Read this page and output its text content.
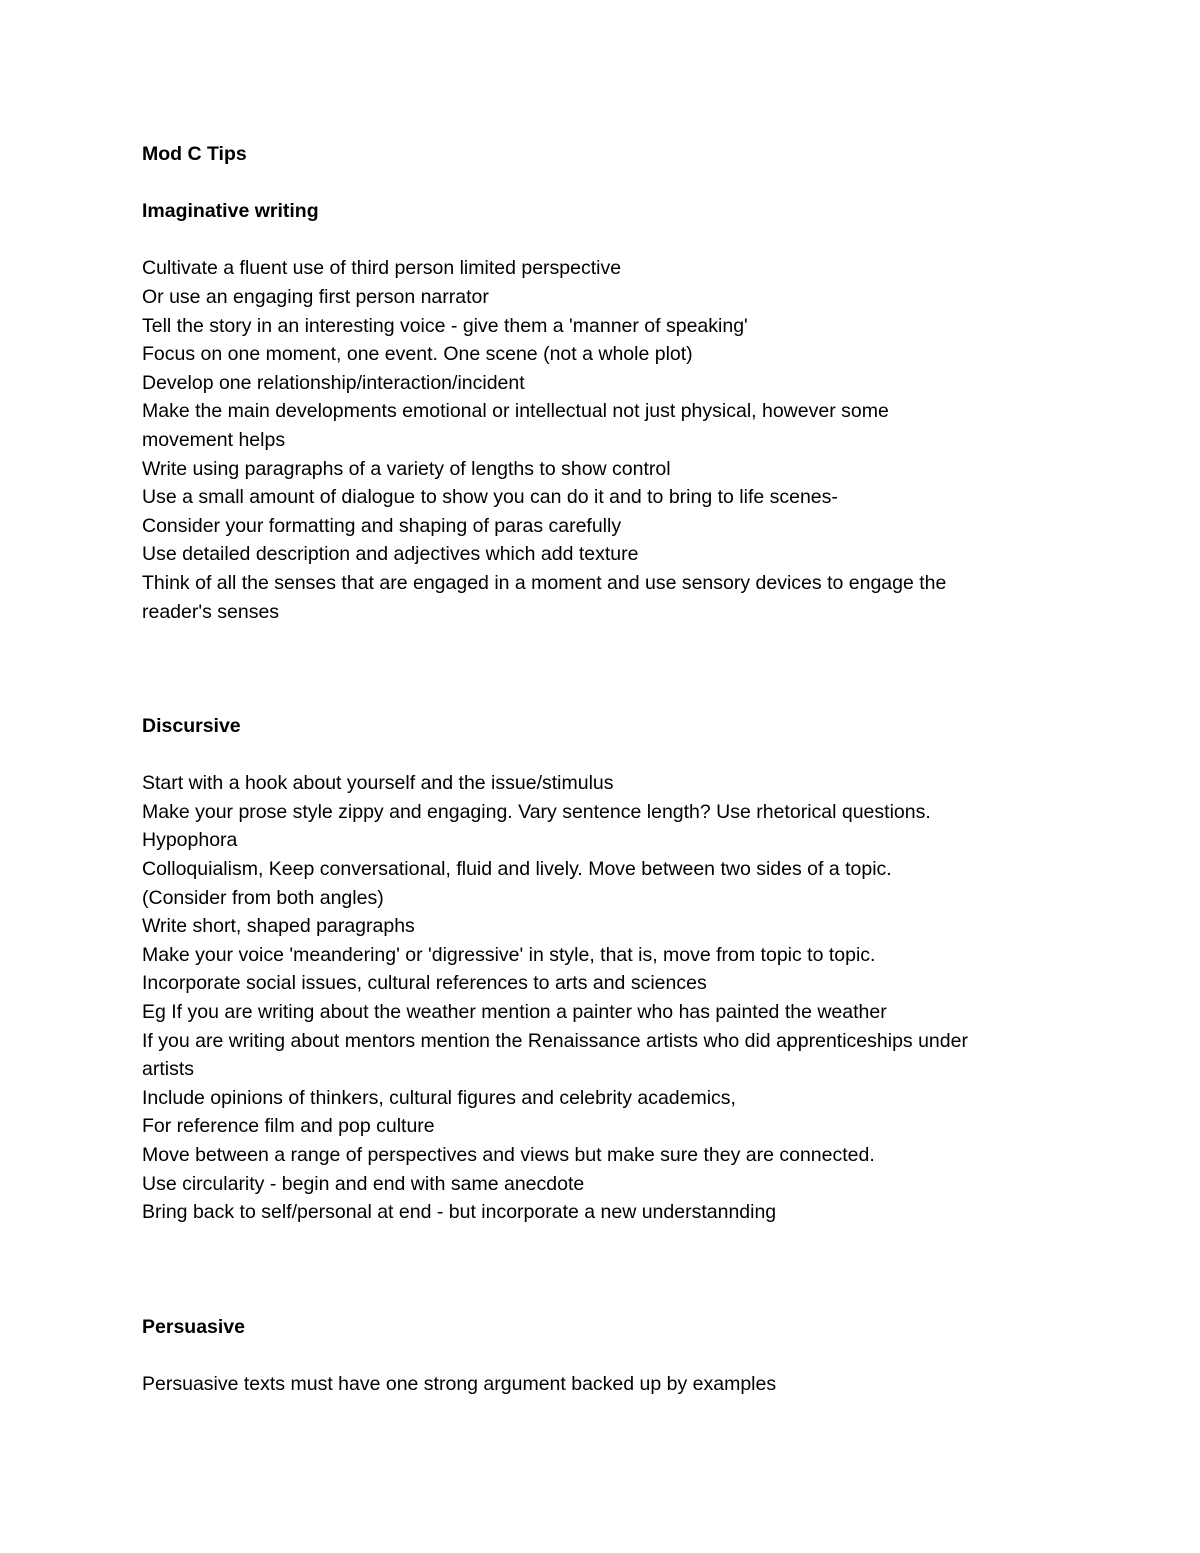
Mod C Tips

Imaginative writing

Cultivate a fluent use of third person limited perspective

Or use an engaging first person narrator

Tell the story in an interesting voice - give them a 'manner of speaking'

Focus on one moment, one event. One scene (not a whole plot)

Develop one relationship/interaction/incident

Make the main developments emotional or intellectual not just physical, however some

movement helps

Write using paragraphs of a variety of lengths to show control

Use a small amount of dialogue to show you can do it and to bring to life scenes-

Consider your formatting and shaping of paras carefully

Use detailed description and adjectives which add texture

Think of all the senses that are engaged in a moment and use sensory devices to engage the

reader's senses

Discursive

Start with a hook about yourself and the issue/stimulus

Make your prose style zippy and engaging. Vary sentence length? Use rhetorical questions.

Hypophora

Colloquialism, Keep conversational, fluid and lively. Move between two sides of a topic.

(Consider from both angles)

Write short, shaped paragraphs

Make your voice 'meandering' or 'digressive' in style, that is, move from topic to topic.

Incorporate social issues, cultural references to arts and sciences

Eg If you are writing about the weather mention a painter who has painted the weather

If you are writing about mentors mention the Renaissance artists who did apprenticeships under

artists

Include opinions of thinkers, cultural figures and celebrity academics,

For reference film and pop culture

Move between a range of perspectives and views but make sure they are connected.

Use circularity - begin and end with same anecdote

Bring back to self/personal at end - but incorporate a new understannding

Persuasive

Persuasive texts must have one strong argument backed up by examples
